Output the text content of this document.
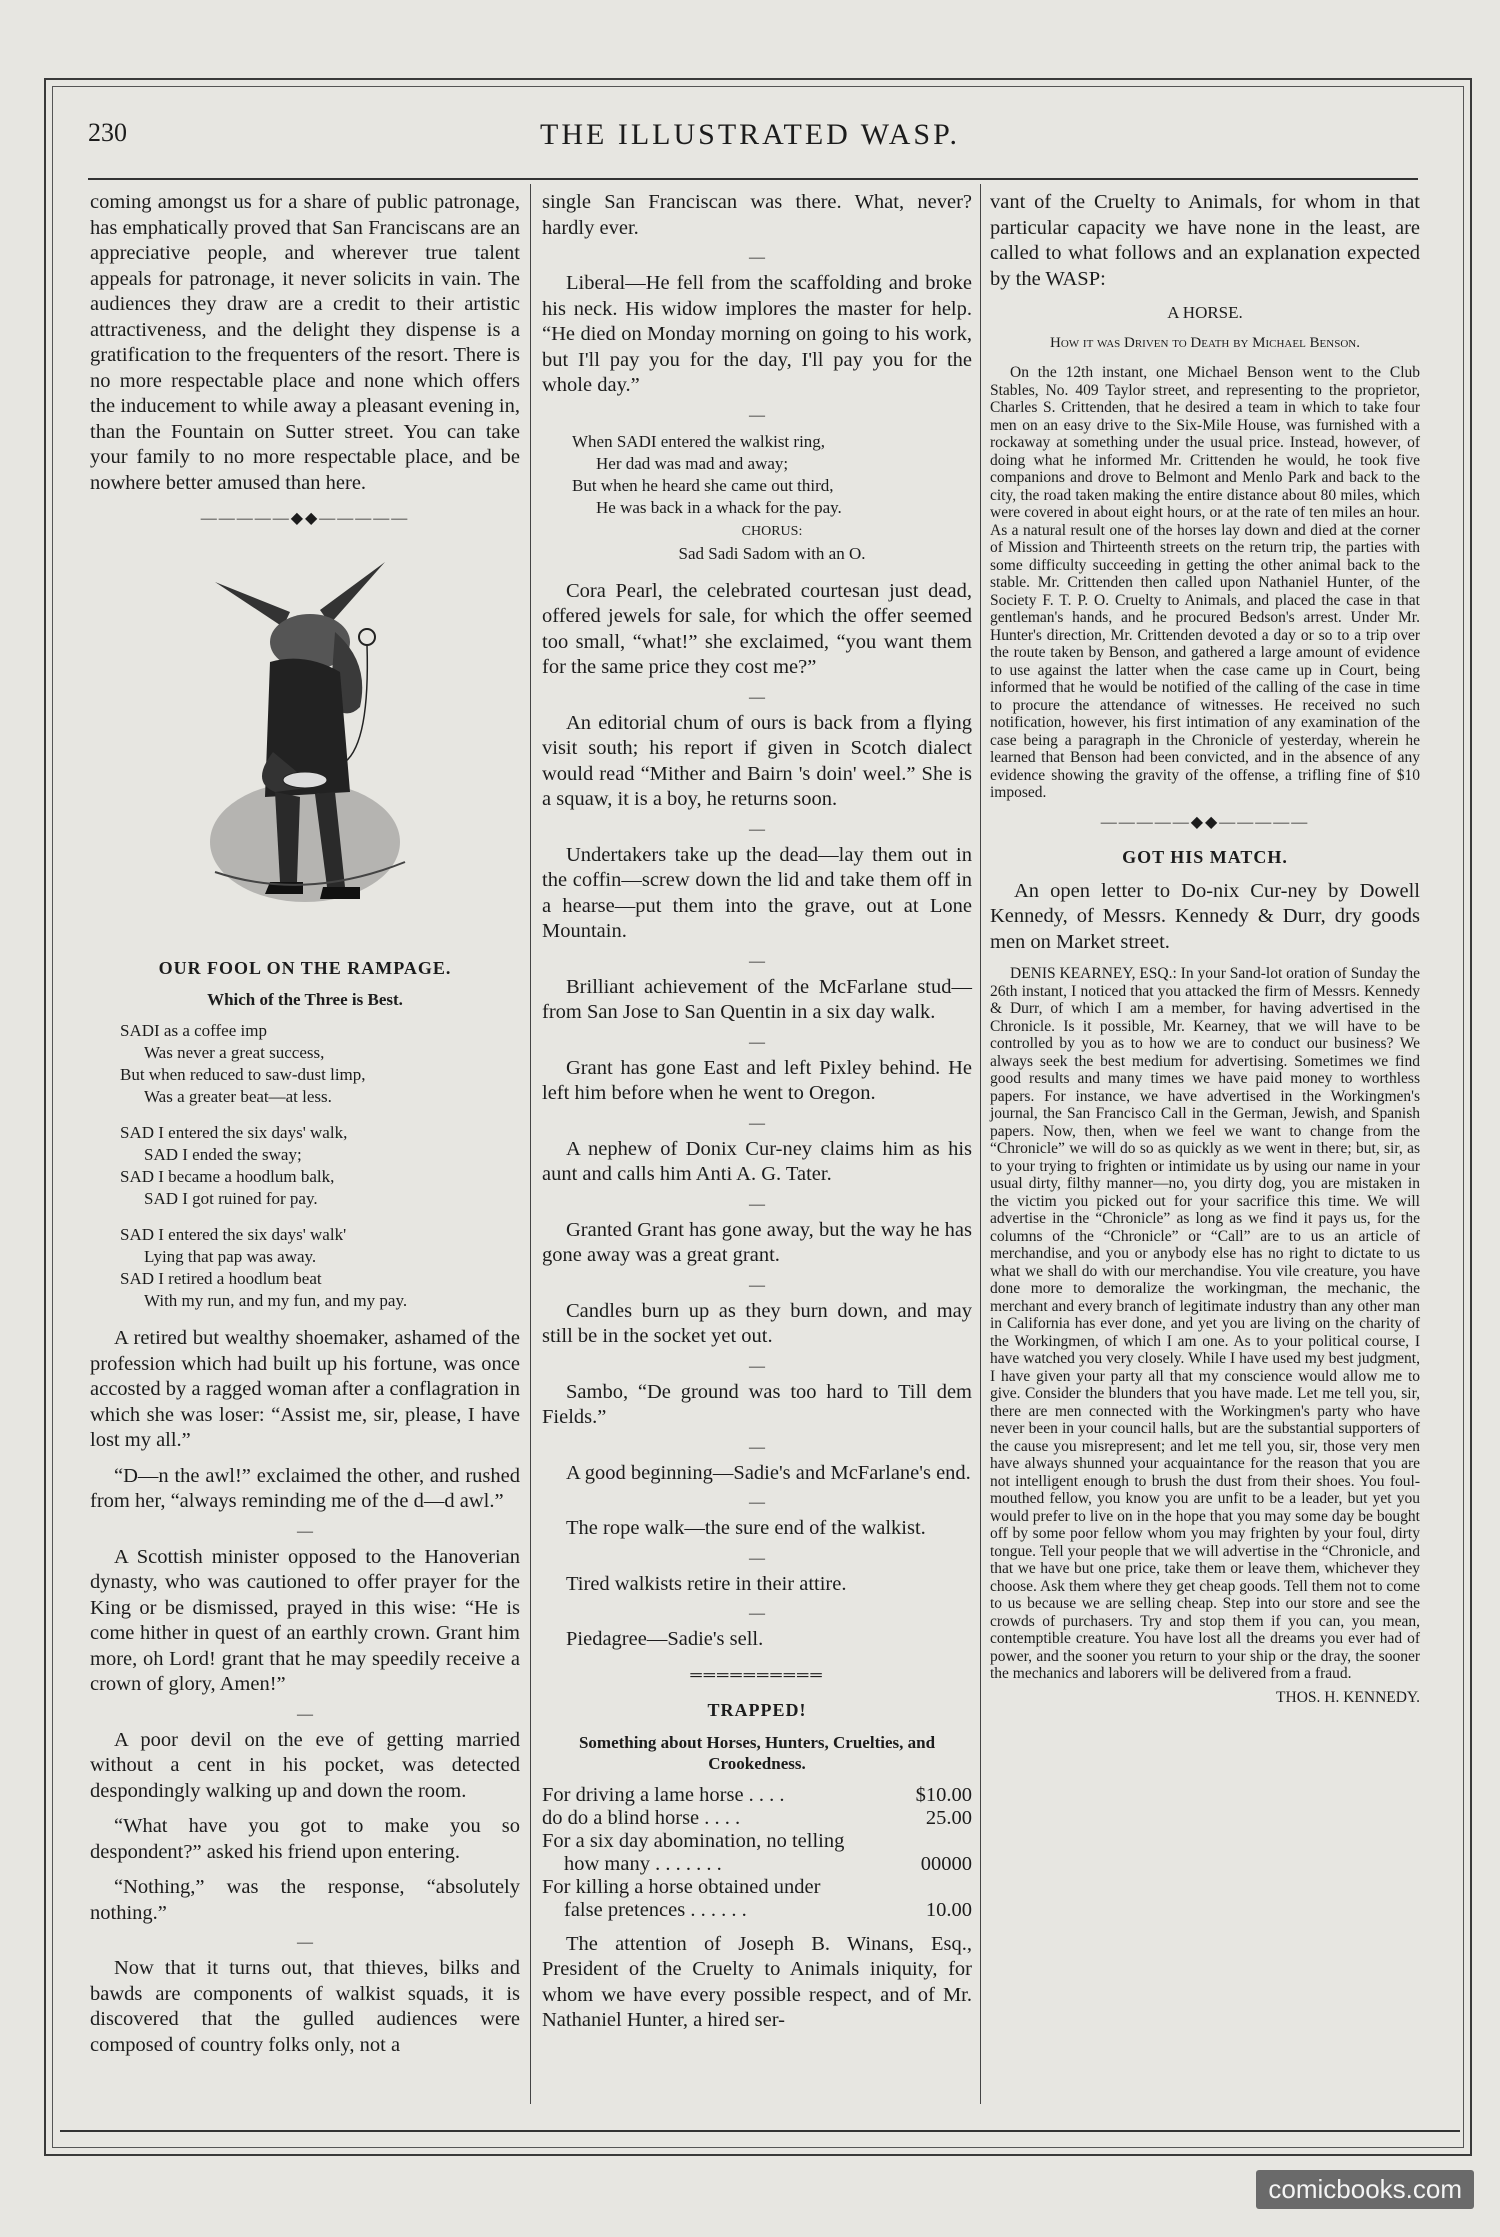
230	THE ILLUSTRATED WASP.

coming amongst us for a share of public patronage, has emphatically proved that San Franciscans are an appreciative people, and wherever true talent appeals for patronage, it never solicits in vain. The audiences they draw are a credit to their artistic attractiveness, and the delight they dispense is a gratification to the frequenters of the resort. There is no more respectable place and none which offers the inducement to while away a pleasant evening in, than the Fountain on Sutter street. You can take your family to no more respectable place, and be nowhere better amused than here.

—————◆◆—————
OUR FOOL ON THE RAMPAGE.
Which of the Three is Best.
SADI as a coffee imp
Was never a great success,
But when reduced to saw-dust limp,
Was a greater beat—at less.
SAD I entered the six days' walk,
SAD I ended the sway;
SAD I became a hoodlum balk,
SAD I got ruined for pay.
SAD I entered the six days' walk'
Lying that pap was away.
SAD I retired a hoodlum beat
With my run, and my fun, and my pay.

A retired but wealthy shoemaker, ashamed of the profession which had built up his fortune, was once accosted by a ragged woman after a conflagration in which she was loser: “Assist me, sir, please, I have lost my all.”

“D—n the awl!” exclaimed the other, and rushed from her, “always reminding me of the d—d awl.”

—

A Scottish minister opposed to the Hanoverian dynasty, who was cautioned to offer prayer for the King or be dismissed, prayed in this wise: “He is come hither in quest of an earthly crown. Grant him more, oh Lord! grant that he may speedily receive a crown of glory, Amen!”

—

A poor devil on the eve of getting married without a cent in his pocket, was detected despondingly walking up and down the room.

“What have you got to make you so despondent?” asked his friend upon entering.

“Nothing,” was the response, “absolutely nothing.”

—

Now that it turns out, that thieves, bilks and bawds are components of walkist squads, it is discovered that the gulled audiences were composed of country folks only, not a

single San Franciscan was there. What, never? hardly ever.

—

Liberal—He fell from the scaffolding and broke his neck. His widow implores the master for help. “He died on Monday morning on going to his work, but I'll pay you for the day, I'll pay you for the whole day.”

—
When SADI entered the walkist ring,
Her dad was mad and away;
But when he heard she came out third,
He was back in a whack for the pay.
CHORUS:
Sad Sadi Sadom with an O.

Cora Pearl, the celebrated courtesan just dead, offered jewels for sale, for which the offer seemed too small, “what!” she exclaimed, “you want them for the same price they cost me?”

—

An editorial chum of ours is back from a flying visit south; his report if given in Scotch dialect would read “Mither and Bairn 's doin' weel.” She is a squaw, it is a boy, he returns soon.

—

Undertakers take up the dead—lay them out in the coffin—screw down the lid and take them off in a hearse—put them into the grave, out at Lone Mountain.

—

Brilliant achievement of the McFarlane stud—from San Jose to San Quentin in a six day walk.

—

Grant has gone East and left Pixley behind. He left him before when he went to Oregon.

—

A nephew of Donix Cur-ney claims him as his aunt and calls him Anti A. G. Tater.

—

Granted Grant has gone away, but the way he has gone away was a great grant.

—

Candles burn up as they burn down, and may still be in the socket yet out.

—

Sambo, “De ground was too hard to Till dem Fields.”

—

A good beginning—Sadie's and McFarlane's end.

—

The rope walk—the sure end of the walkist.

—

Tired walkists retire in their attire.

—

Piedagree—Sadie's sell.

══════════
TRAPPED!
Something about Horses, Hunters, Cruelties, and Crookedness.
For driving a lame horse . . . .	$10.00
do do a blind horse . . . .	25.00
For a six day abomination, no telling
how many . . . . . . .	00000
For killing a horse obtained under
false pretences . . . . . .	10.00

The attention of Joseph B. Winans, Esq., President of the Cruelty to Animals iniquity, for whom we have every possible respect, and of Mr. Nathaniel Hunter, a hired ser-

vant of the Cruelty to Animals, for whom in that particular capacity we have none in the least, are called to what follows and an explanation expected by the WASP:

A HORSE.
How it was Driven to Death by Michael Benson.

On the 12th instant, one Michael Benson went to the Club Stables, No. 409 Taylor street, and representing to the proprietor, Charles S. Crittenden, that he desired a team in which to take four men on an easy drive to the Six-Mile House, was furnished with a rockaway at something under the usual price. Instead, however, of doing what he informed Mr. Crittenden he would, he took five companions and drove to Belmont and Menlo Park and back to the city, the road taken making the entire distance about 80 miles, which were covered in about eight hours, or at the rate of ten miles an hour. As a natural result one of the horses lay down and died at the corner of Mission and Thirteenth streets on the return trip, the parties with some difficulty succeeding in getting the other animal back to the stable. Mr. Crittenden then called upon Nathaniel Hunter, of the Society F. T. P. O. Cruelty to Animals, and placed the case in that gentleman's hands, and he procured Bedson's arrest. Under Mr. Hunter's direction, Mr. Crittenden devoted a day or so to a trip over the route taken by Benson, and gathered a large amount of evidence to use against the latter when the case came up in Court, being informed that he would be notified of the calling of the case in time to procure the attendance of witnesses. He received no such notification, however, his first intimation of any examination of the case being a paragraph in the Chronicle of yesterday, wherein he learned that Benson had been convicted, and in the absence of any evidence showing the gravity of the offense, a trifling fine of $10 imposed.

—————◆◆—————
GOT HIS MATCH.

An open letter to Do-nix Cur-ney by Dowell Kennedy, of Messrs. Kennedy & Durr, dry goods men on Market street.

DENIS KEARNEY, ESQ.: In your Sand-lot oration of Sunday the 26th instant, I noticed that you attacked the firm of Messrs. Kennedy & Durr, of which I am a member, for having advertised in the Chronicle. Is it possible, Mr. Kearney, that we will have to be controlled by you as to how we are to conduct our business? We always seek the best medium for advertising. Sometimes we find good results and many times we have paid money to worthless papers. For instance, we have advertised in the Workingmen's journal, the San Francisco Call in the German, Jewish, and Spanish papers. Now, then, when we feel we want to change from the “Chronicle” we will do so as quickly as we went in there; but, sir, as to your trying to frighten or intimidate us by using our name in your usual dirty, filthy manner—no, you dirty dog, you are mistaken in the victim you picked out for your sacrifice this time. We will advertise in the “Chronicle” as long as we find it pays us, for the columns of the “Chronicle” or “Call” are to us an article of merchandise, and you or anybody else has no right to dictate to us what we shall do with our merchandise. You vile creature, you have done more to demoralize the workingman, the mechanic, the merchant and every branch of legitimate industry than any other man in California has ever done, and yet you are living on the charity of the Workingmen, of which I am one. As to your political course, I have watched you very closely. While I have used my best judgment, I have given your party all that my conscience would allow me to give. Consider the blunders that you have made. Let me tell you, sir, there are men connected with the Workingmen's party who have never been in your council halls, but are the substantial supporters of the cause you misrepresent; and let me tell you, sir, those very men have always shunned your acquaintance for the reason that you are not intelligent enough to brush the dust from their shoes. You foul-mouthed fellow, you know you are unfit to be a leader, but yet you would prefer to live on in the hope that you may some day be bought off by some poor fellow whom you may frighten by your foul, dirty tongue. Tell your people that we will advertise in the “Chronicle, and that we have but one price, take them or leave them, whichever they choose. Ask them where they get cheap goods. Tell them not to come to us because we are selling cheap. Step into our store and see the crowds of purchasers. Try and stop them if you can, you mean, contemptible creature. You have lost all the dreams you ever had of power, and the sooner you return to your ship or the dray, the sooner the mechanics and laborers will be delivered from a fraud.

THOS. H. KENNEDY.

comicbooks.com
